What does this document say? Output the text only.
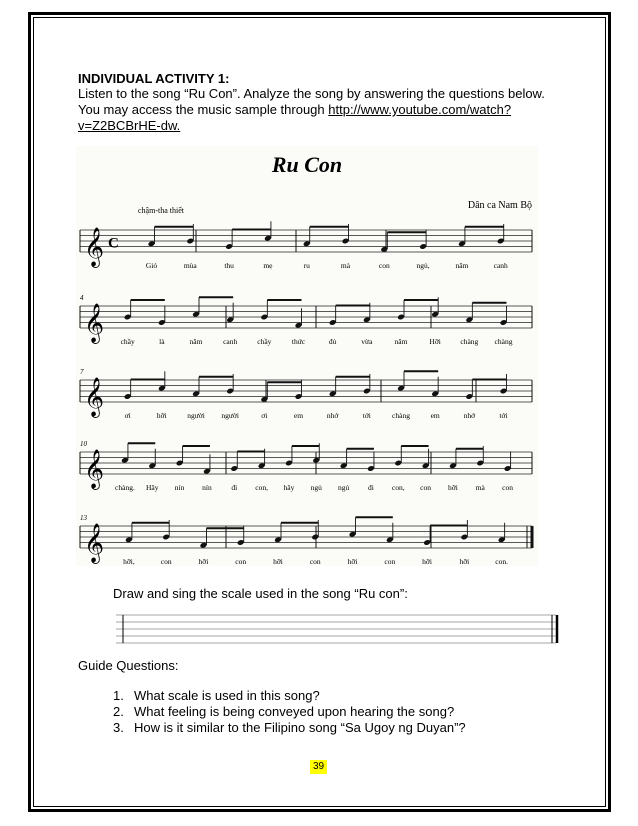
INDIVIDUAL ACTIVITY 1:
Listen to the song “Ru Con”. Analyze the song by answering the questions below. You may access the music sample through http://www.youtube.com/watch?v=Z2BCBrHE-dw.
Ru Con
Dân ca Nam Bộ
chậm-tha thiết
𝄞 C
Gió	mùa	thu	mẹ	ru	mà	con	ngủ,	năm	canh
𝄞
4
chầy	là	năm	canh	chầy	thức	đủ	vừa	năm	Hỡi	chàng chàng
𝄞
7
ơi	hỡi	người người	ơi	em	nhớ	tới	chàng	em	nhớ	tới
𝄞
10
chàng. Hãy nín nín	đi con, hãy ngủ ngủ	đi con, con hỡi mà con
𝄞
13
hỡi,	con	hỡi	con	hỡi	con	hỡi	con	hỡi	hỡi	con.
Draw and sing the scale used in the song “Ru con”:
Guide Questions:
1. What scale is used in this song?
2. What feeling is being conveyed upon hearing the song?
3. How is it similar to the Filipino song “Sa Ugoy ng Duyan”?
39
